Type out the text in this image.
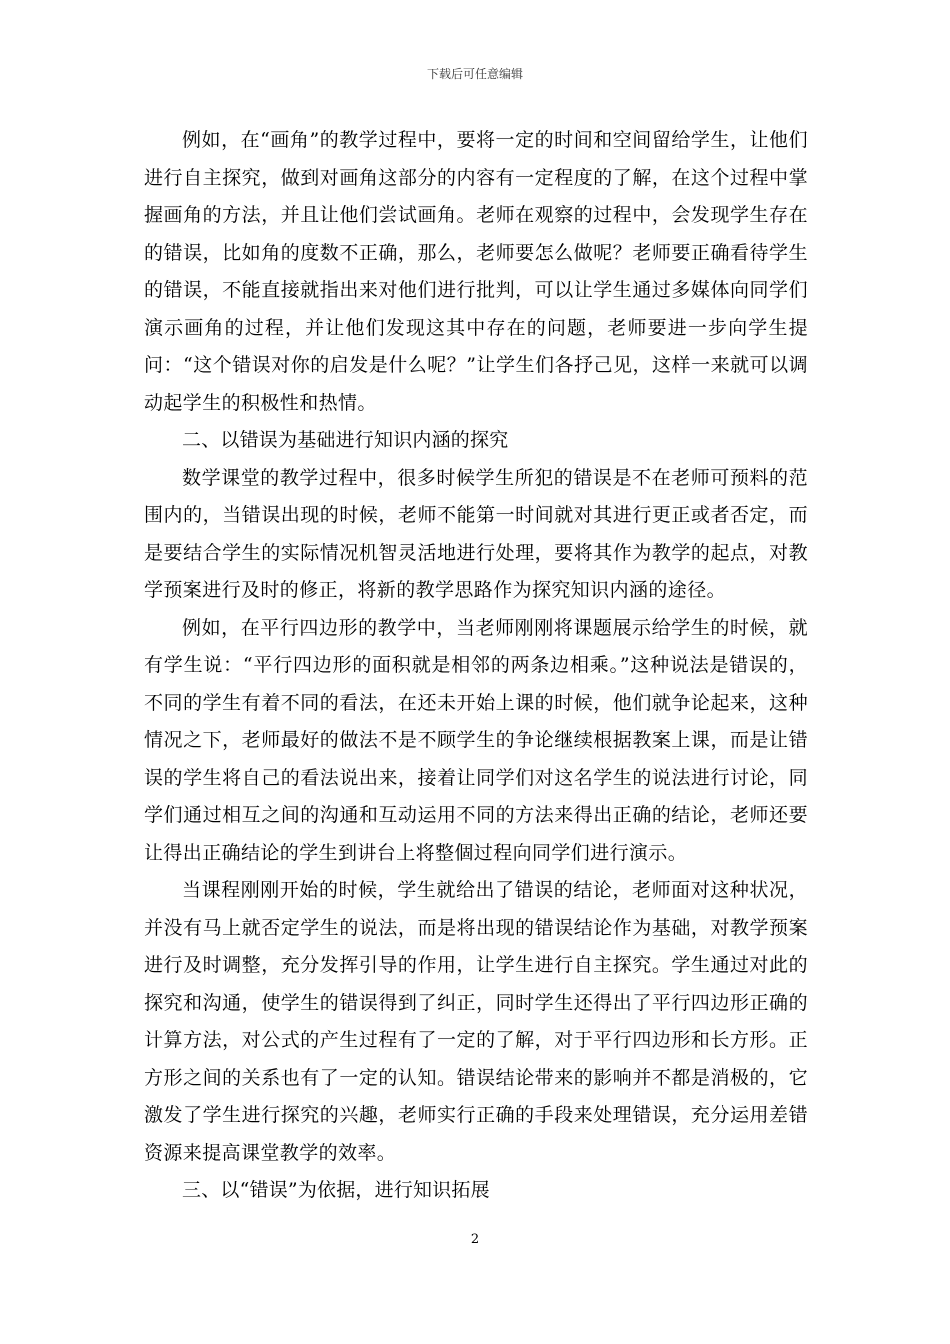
下载后可任意编辑

例如，在“画角”的教学过程中，要将一定的时间和空间留给学生，让他们进行自主探究，做到对画角这部分的内容有一定程度的了解，在这个过程中掌握画角的方法，并且让他们尝试画角。老师在观察的过程中，会发现学生存在的错误，比如角的度数不正确，那么，老师要怎么做呢？老师要正确看待学生的错误，不能直接就指出来对他们进行批判，可以让学生通过多媒体向同学们演示画角的过程，并让他们发现这其中存在的问题，老师要进一步向学生提问：“这个错误对你的启发是什么呢？”让学生们各抒己见，这样一来就可以调动起学生的积极性和热情。

二、以错误为基础进行知识内涵的探究

数学课堂的教学过程中，很多时候学生所犯的错误是不在老师可预料的范围内的，当错误出现的时候，老师不能第一时间就对其进行更正或者否定，而是要结合学生的实际情况机智灵活地进行处理，要将其作为教学的起点，对教学预案进行及时的修正，将新的教学思路作为探究知识内涵的途径。

例如，在平行四边形的教学中，当老师刚刚将课题展示给学生的时候，就有学生说：“平行四边形的面积就是相邻的两条边相乘。”这种说法是错误的，不同的学生有着不同的看法，在还未开始上课的时候，他们就争论起来，这种情况之下，老师最好的做法不是不顾学生的争论继续根据教案上课，而是让错误的学生将自己的看法说出来，接着让同学们对这名学生的说法进行讨论，同学们通过相互之间的沟通和互动运用不同的方法来得出正确的结论，老师还要让得出正确结论的学生到讲台上将整個过程向同学们进行演示。

当课程刚刚开始的时候，学生就给出了错误的结论，老师面对这种状况，并没有马上就否定学生的说法，而是将出现的错误结论作为基础，对教学预案进行及时调整，充分发挥引导的作用，让学生进行自主探究。学生通过对此的探究和沟通，使学生的错误得到了纠正，同时学生还得出了平行四边形正确的计算方法，对公式的产生过程有了一定的了解，对于平行四边形和长方形。正方形之间的关系也有了一定的认知。错误结论带来的影响并不都是消极的，它激发了学生进行探究的兴趣，老师实行正确的手段来处理错误，充分运用差错资源来提高课堂教学的效率。

三、以“错误”为依据，进行知识拓展

2
